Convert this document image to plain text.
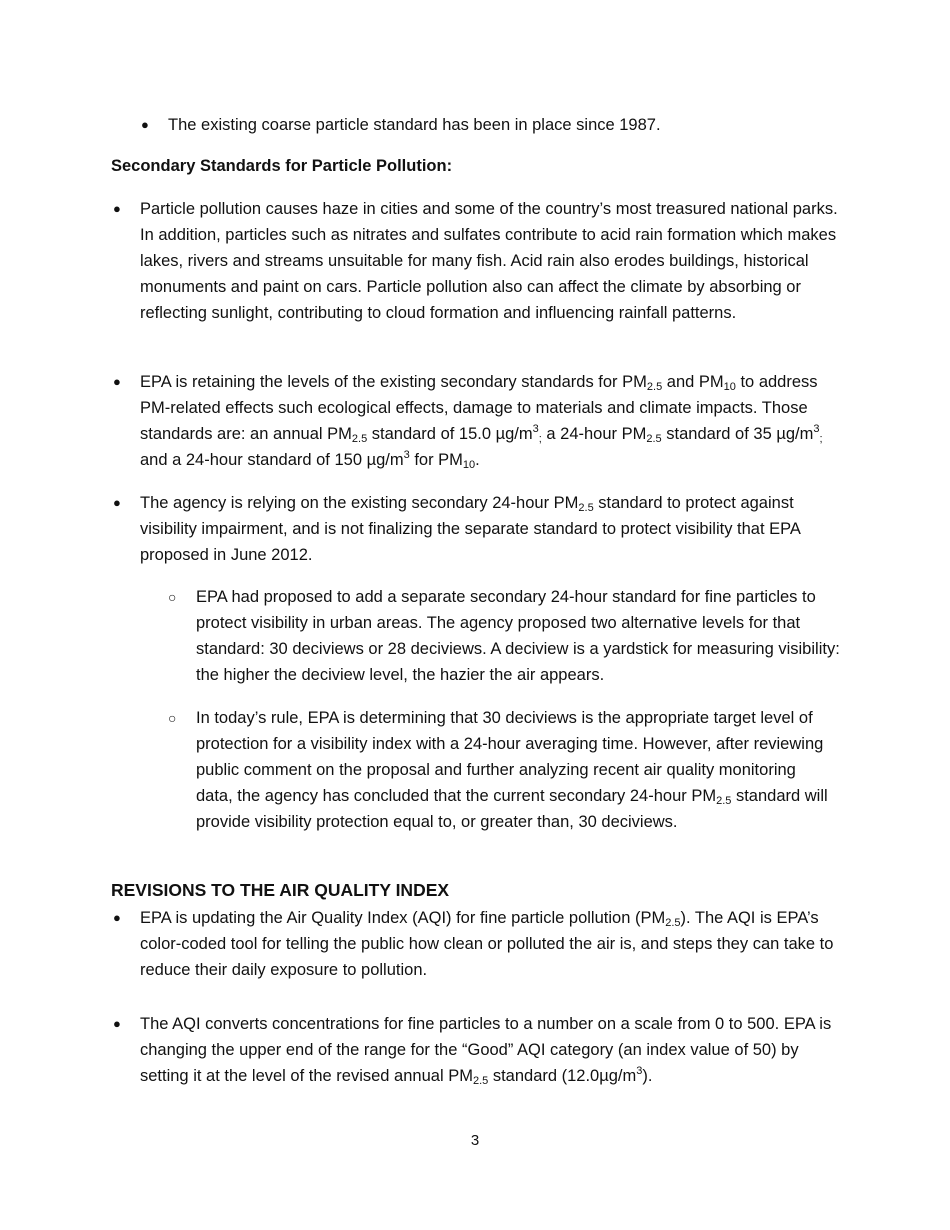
● The existing coarse particle standard has been in place since 1987.
Secondary Standards for Particle Pollution:
● Particle pollution causes haze in cities and some of the country’s most treasured national parks. In addition, particles such as nitrates and sulfates contribute to acid rain formation which makes lakes, rivers and streams unsuitable for many fish. Acid rain also erodes buildings, historical monuments and paint on cars. Particle pollution also can affect the climate by absorbing or reflecting sunlight, contributing to cloud formation and influencing rainfall patterns.
● EPA is retaining the levels of the existing secondary standards for $PM_{2.5}$ and $PM_{10}$ to address PM-related effects such ecological effects, damage to materials and climate impacts. Those standards are: an annual $PM_{2.5}$ standard of 15.0 $\mu g/m^3_;$ a 24-hour $PM_{2.5}$ standard of 35 $\mu g/m^3_;$ and a 24-hour standard of 150 $\mu g/m^3$ for $PM_{10}$.
● The agency is relying on the existing secondary 24-hour $PM_{2.5}$ standard to protect against visibility impairment, and is not finalizing the separate standard to protect visibility that EPA proposed in June 2012.
○ EPA had proposed to add a separate secondary 24-hour standard for fine particles to protect visibility in urban areas. The agency proposed two alternative levels for that standard: 30 deciviews or 28 deciviews. A deciview is a yardstick for measuring visibility: the higher the deciview level, the hazier the air appears.
○ In today’s rule, EPA is determining that 30 deciviews is the appropriate target level of protection for a visibility index with a 24-hour averaging time. However, after reviewing public comment on the proposal and further analyzing recent air quality monitoring data, the agency has concluded that the current secondary 24-hour $PM_{2.5}$ standard will provide visibility protection equal to, or greater than, 30 deciviews.
REVISIONS TO THE AIR QUALITY INDEX
● EPA is updating the Air Quality Index (AQI) for fine particle pollution $(PM_{2.5})$. The AQI is EPA’s color-coded tool for telling the public how clean or polluted the air is, and steps they can take to reduce their daily exposure to pollution.
● The AQI converts concentrations for fine particles to a number on a scale from 0 to 500. EPA is changing the upper end of the range for the “Good” AQI category (an index value of 50) by setting it at the level of the revised annual $PM_{2.5}$ standard $(12.0\mu g/m^3)$.
3
